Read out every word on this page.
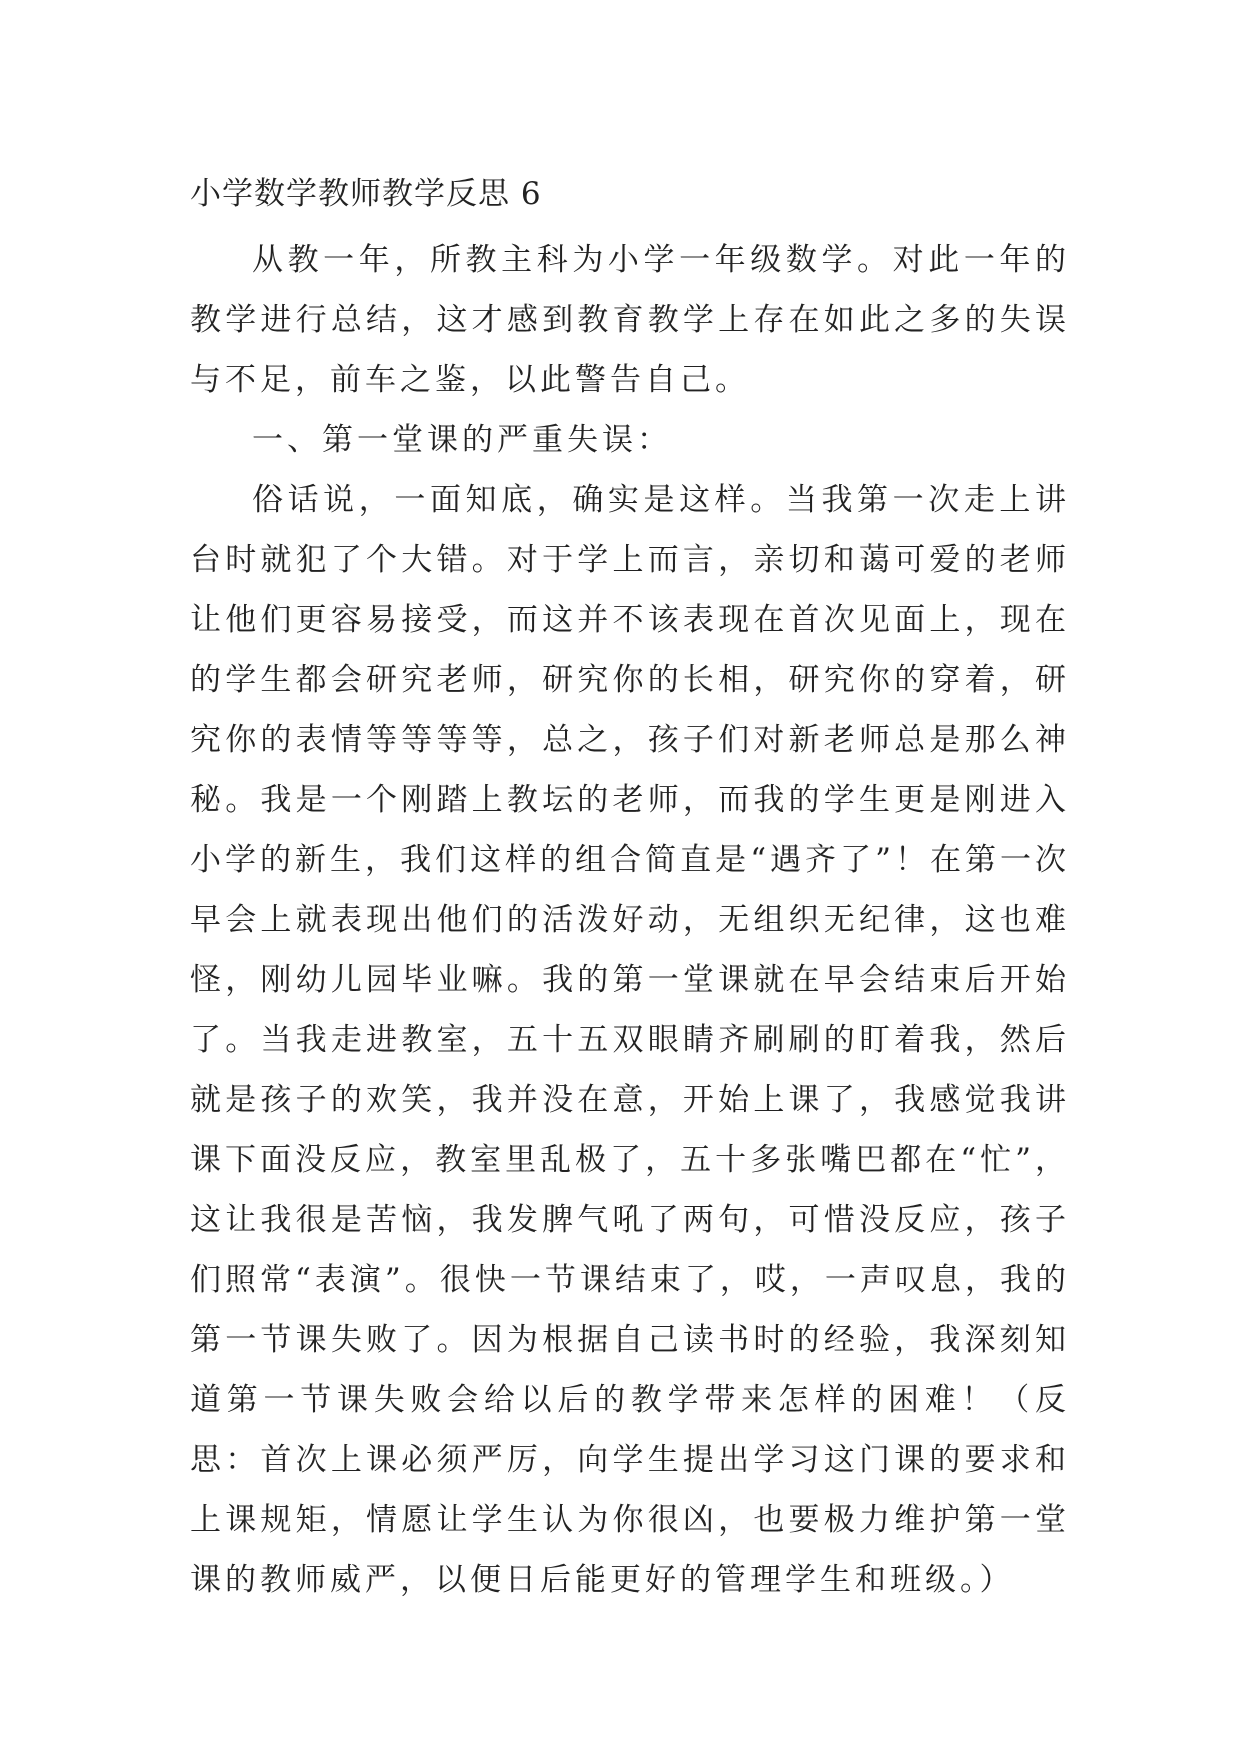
小学数学教师教学反思 6

从教一年，所教主科为小学一年级数学。对此一年的教学进行总结，这才感到教育教学上存在如此之多的失误与不足，前车之鉴，以此警告自己。

一、第一堂课的严重失误：

俗话说，一面知底，确实是这样。当我第一次走上讲台时就犯了个大错。对于学上而言，亲切和蔼可爱的老师让他们更容易接受，而这并不该表现在首次见面上，现在的学生都会研究老师，研究你的长相，研究你的穿着，研究你的表情等等等等，总之，孩子们对新老师总是那么神秘。我是一个刚踏上教坛的老师，而我的学生更是刚进入小学的新生，我们这样的组合简直是“遇齐了”！在第一次早会上就表现出他们的活泼好动，无组织无纪律，这也难怪，刚幼儿园毕业嘛。我的第一堂课就在早会结束后开始了。当我走进教室，五十五双眼睛齐刷刷的盯着我，然后就是孩子的欢笑，我并没在意，开始上课了，我感觉我讲课下面没反应，教室里乱极了，五十多张嘴巴都在“忙”，这让我很是苦恼，我发脾气吼了两句，可惜没反应，孩子们照常“表演”。很快一节课结束了，哎，一声叹息，我的第一节课失败了。因为根据自己读书时的经验，我深刻知道第一节课失败会给以后的教学带来怎样的困难！（反思：首次上课必须严厉，向学生提出学习这门课的要求和上课规矩，情愿让学生认为你很凶，也要极力维护第一堂课的教师威严，以便日后能更好的管理学生和班级。）
